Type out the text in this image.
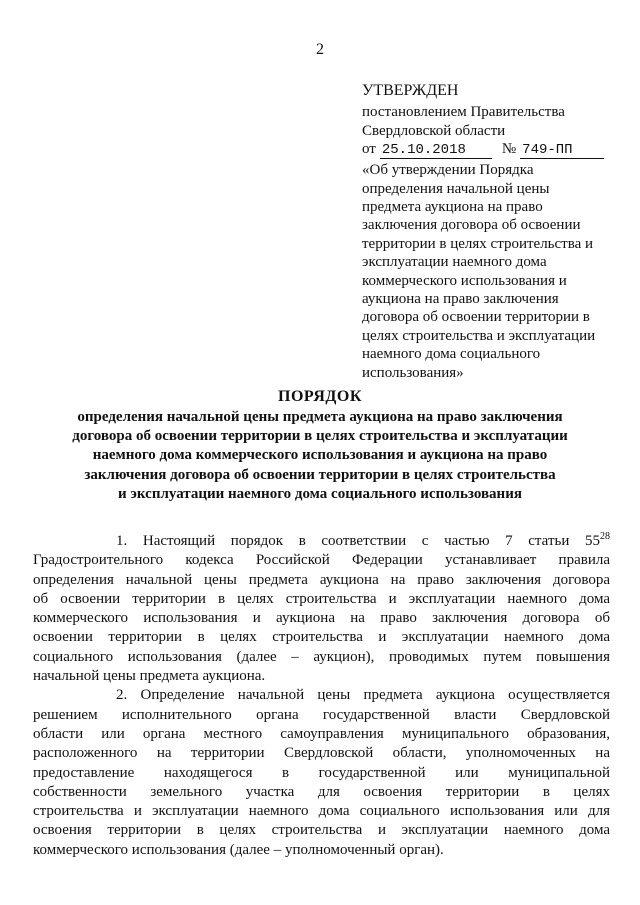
2
УТВЕРЖДЕН
постановлением Правительства
Свердловской области
от 25.10.2018 № 749-ПП
«Об утверждении Порядка
определения начальной цены
предмета аукциона на право
заключения договора об освоении
территории в целях строительства и
эксплуатации наемного дома
коммерческого использования и
аукциона на право заключения
договора об освоении территории в
целях строительства и эксплуатации
наемного дома социального
использования»
ПОРЯДОК
определения начальной цены предмета аукциона на право заключения
договора об освоении территории в целях строительства и эксплуатации
наемного дома коммерческого использования и аукциона на право
заключения договора об освоении территории в целях строительства
и эксплуатации наемного дома социального использования
1. Настоящий порядок в соответствии с частью 7 статьи $55^{28}$
Градостроительного кодекса Российской Федерации устанавливает правила
определения начальной цены предмета аукциона на право заключения договора
об освоении территории в целях строительства и эксплуатации наемного дома
коммерческого использования и аукциона на право заключения договора об
освоении территории в целях строительства и эксплуатации наемного дома
социального использования (далее – аукцион), проводимых путем повышения
начальной цены предмета аукциона.
2. Определение начальной цены предмета аукциона осуществляется
решением исполнительного органа государственной власти Свердловской
области или органа местного самоуправления муниципального образования,
расположенного на территории Свердловской области, уполномоченных на
предоставление находящегося в государственной или муниципальной
собственности земельного участка для освоения территории в целях
строительства и эксплуатации наемного дома социального использования или для
освоения территории в целях строительства и эксплуатации наемного дома
коммерческого использования (далее – уполномоченный орган).
